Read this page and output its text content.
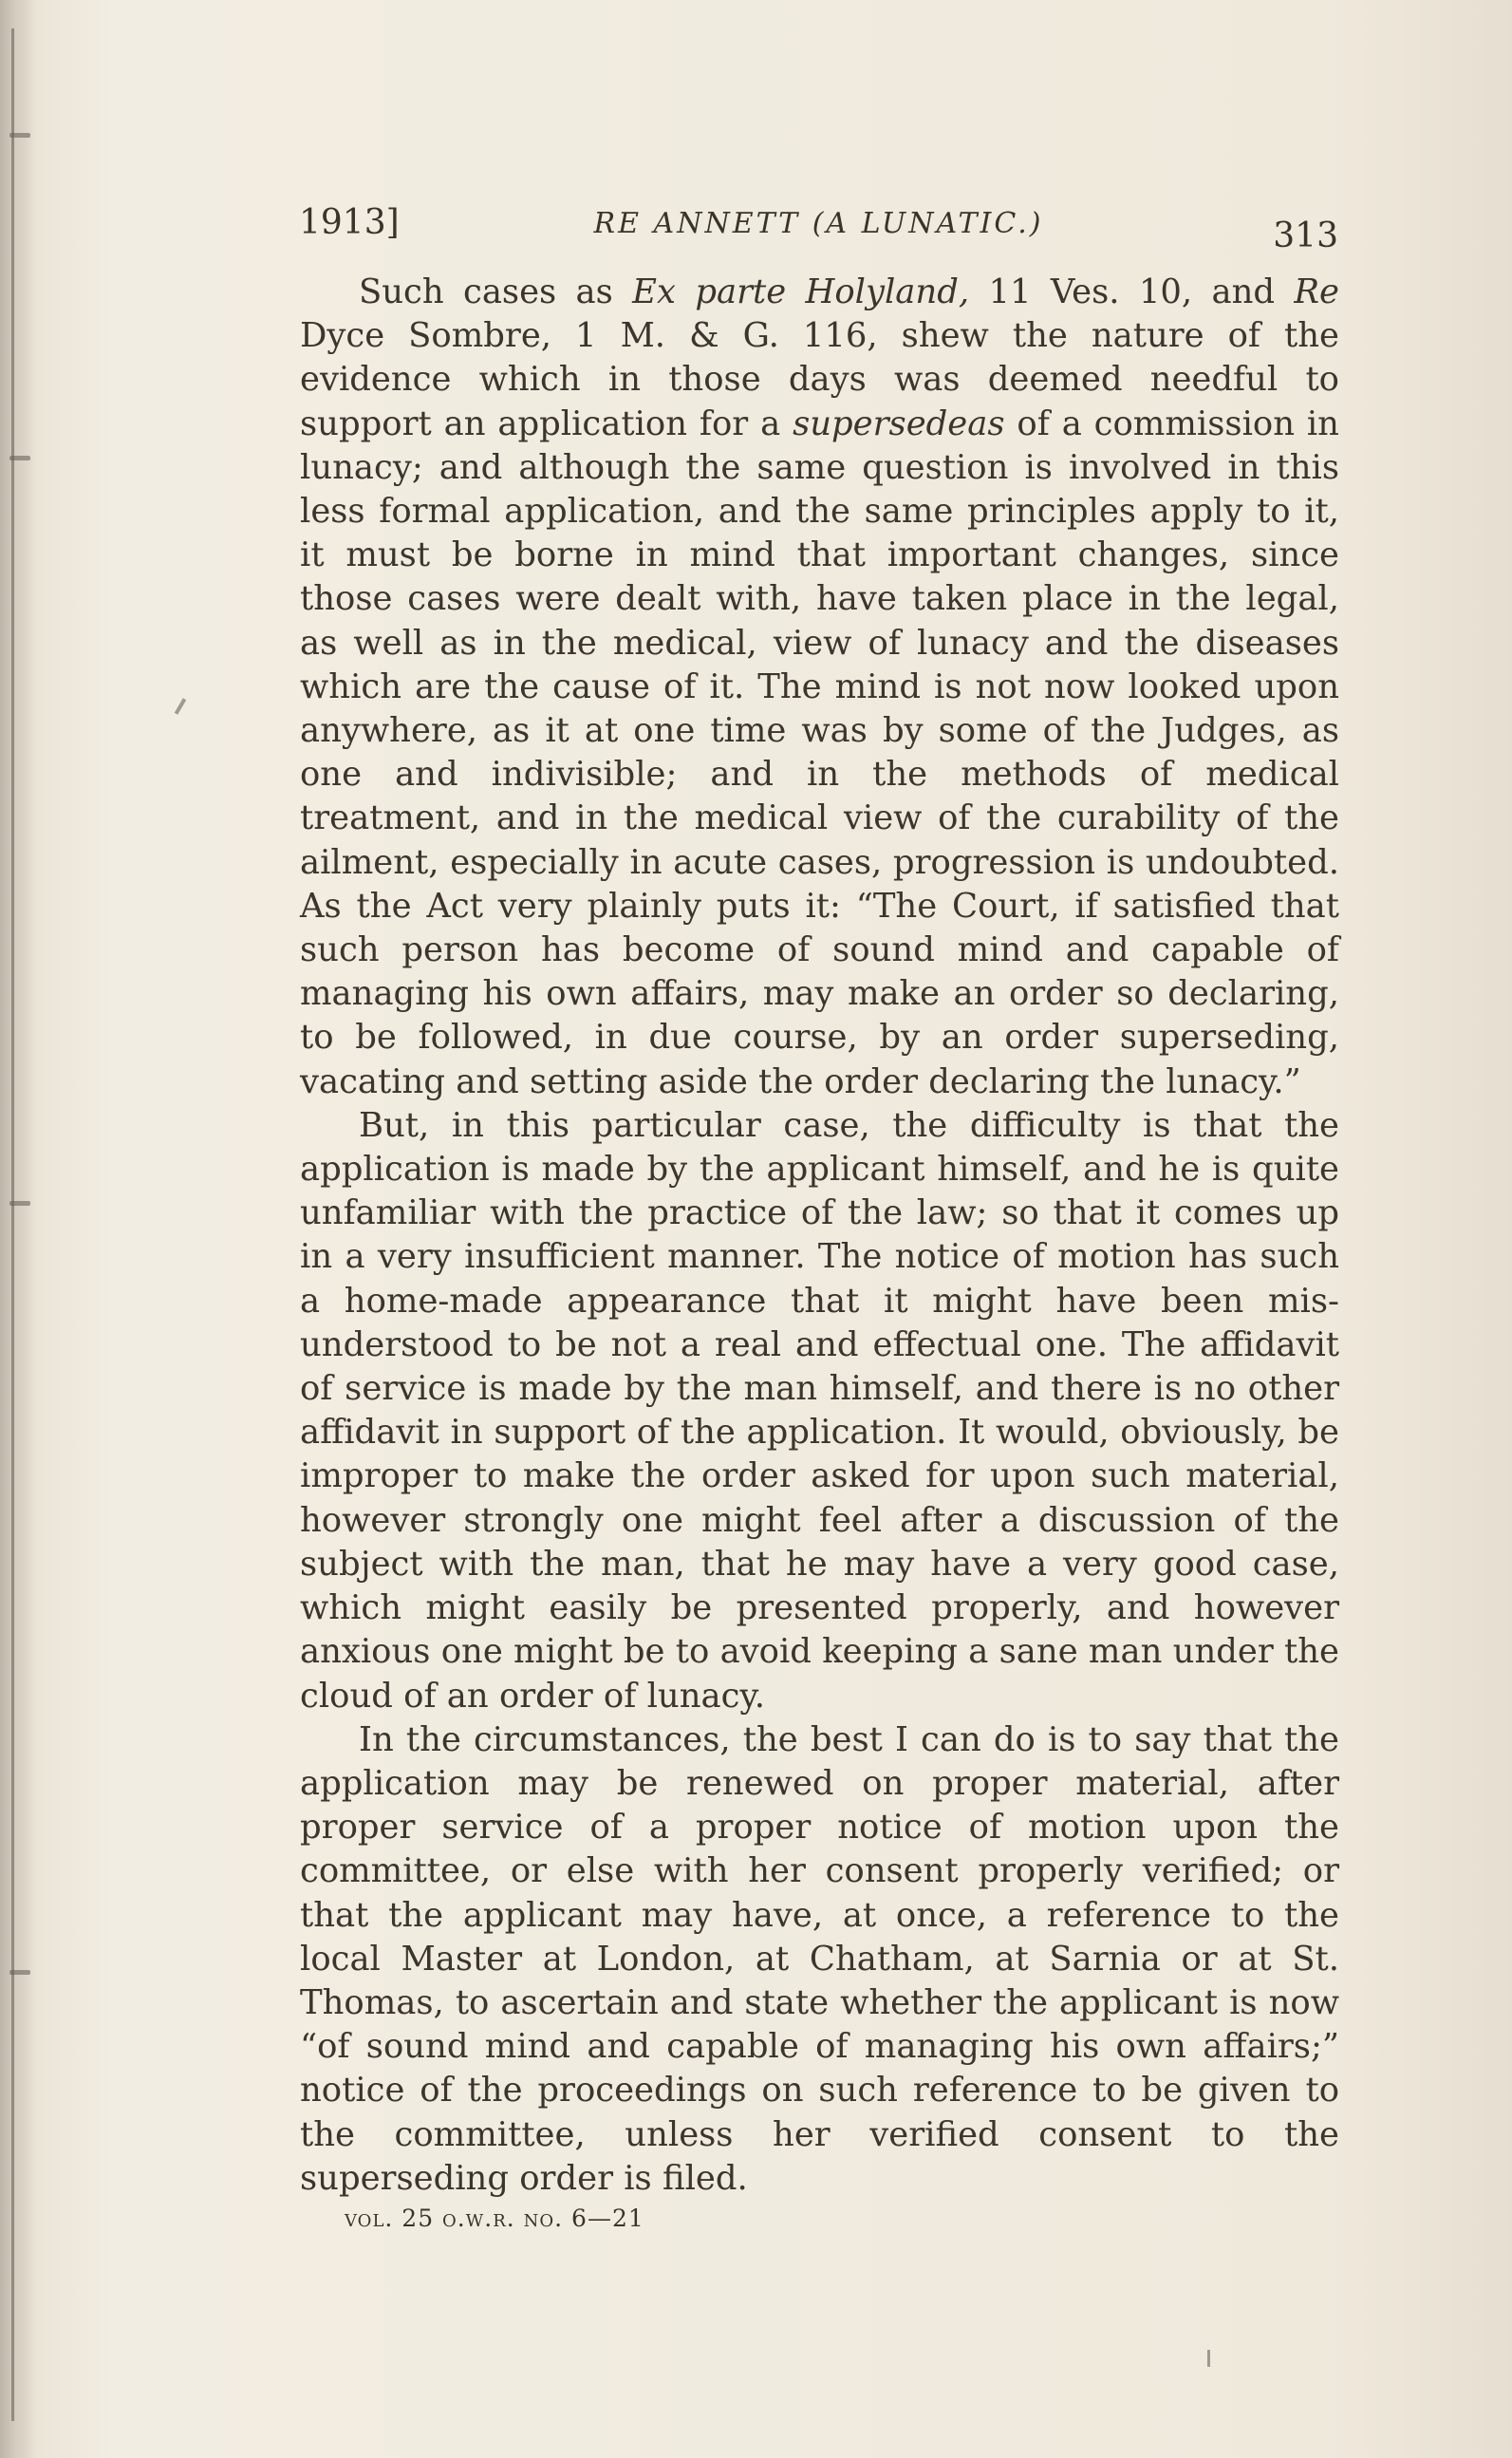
1913]	RE ANNETT (A LUNATIC.)	313

Such cases as Ex parte Holyland, 11 Ves. 10, and Re Dyce Sombre, 1 M. & G. 116, shew the nature of the evidence which in those days was deemed needful to support an application for a supersedeas of a commission in lunacy; and although the same question is involved in this less formal application, and the same principles apply to it, it must be borne in mind that important changes, since those cases were dealt with, have taken place in the legal, as well as in the medical, view of lunacy and the diseases which are the cause of it. The mind is not now looked upon anywhere, as it at one time was by some of the Judges, as one and indivisible; and in the methods of medical treatment, and in the medical view of the curability of the ailment, especially in acute cases, progression is undoubted. As the Act very plainly puts it: “The Court, if satisfied that such person has become of sound mind and capable of managing his own affairs, may make an order so declaring, to be followed, in due course, by an order superseding, vacating and setting aside the order declaring the lunacy.”

But, in this particular case, the difficulty is that the application is made by the applicant himself, and he is quite unfamiliar with the practice of the law; so that it comes up in a very insufficient manner. The notice of motion has such a home-made appearance that it might have been misunderstood to be not a real and effectual one. The affidavit of service is made by the man himself, and there is no other affidavit in support of the application. It would, obviously, be improper to make the order asked for upon such material, however strongly one might feel after a discussion of the subject with the man, that he may have a very good case, which might easily be presented properly, and however anxious one might be to avoid keeping a sane man under the cloud of an order of lunacy.

In the circumstances, the best I can do is to say that the application may be renewed on proper material, after proper service of a proper notice of motion upon the committee, or else with her consent properly verified; or that the applicant may have, at once, a reference to the local Master at London, at Chatham, at Sarnia or at St. Thomas, to ascertain and state whether the applicant is now “of sound mind and capable of managing his own affairs;” notice of the proceedings on such reference to be given to the committee, unless her verified consent to the superseding order is filed.

vol. 25 o.w.r. no. 6—21
